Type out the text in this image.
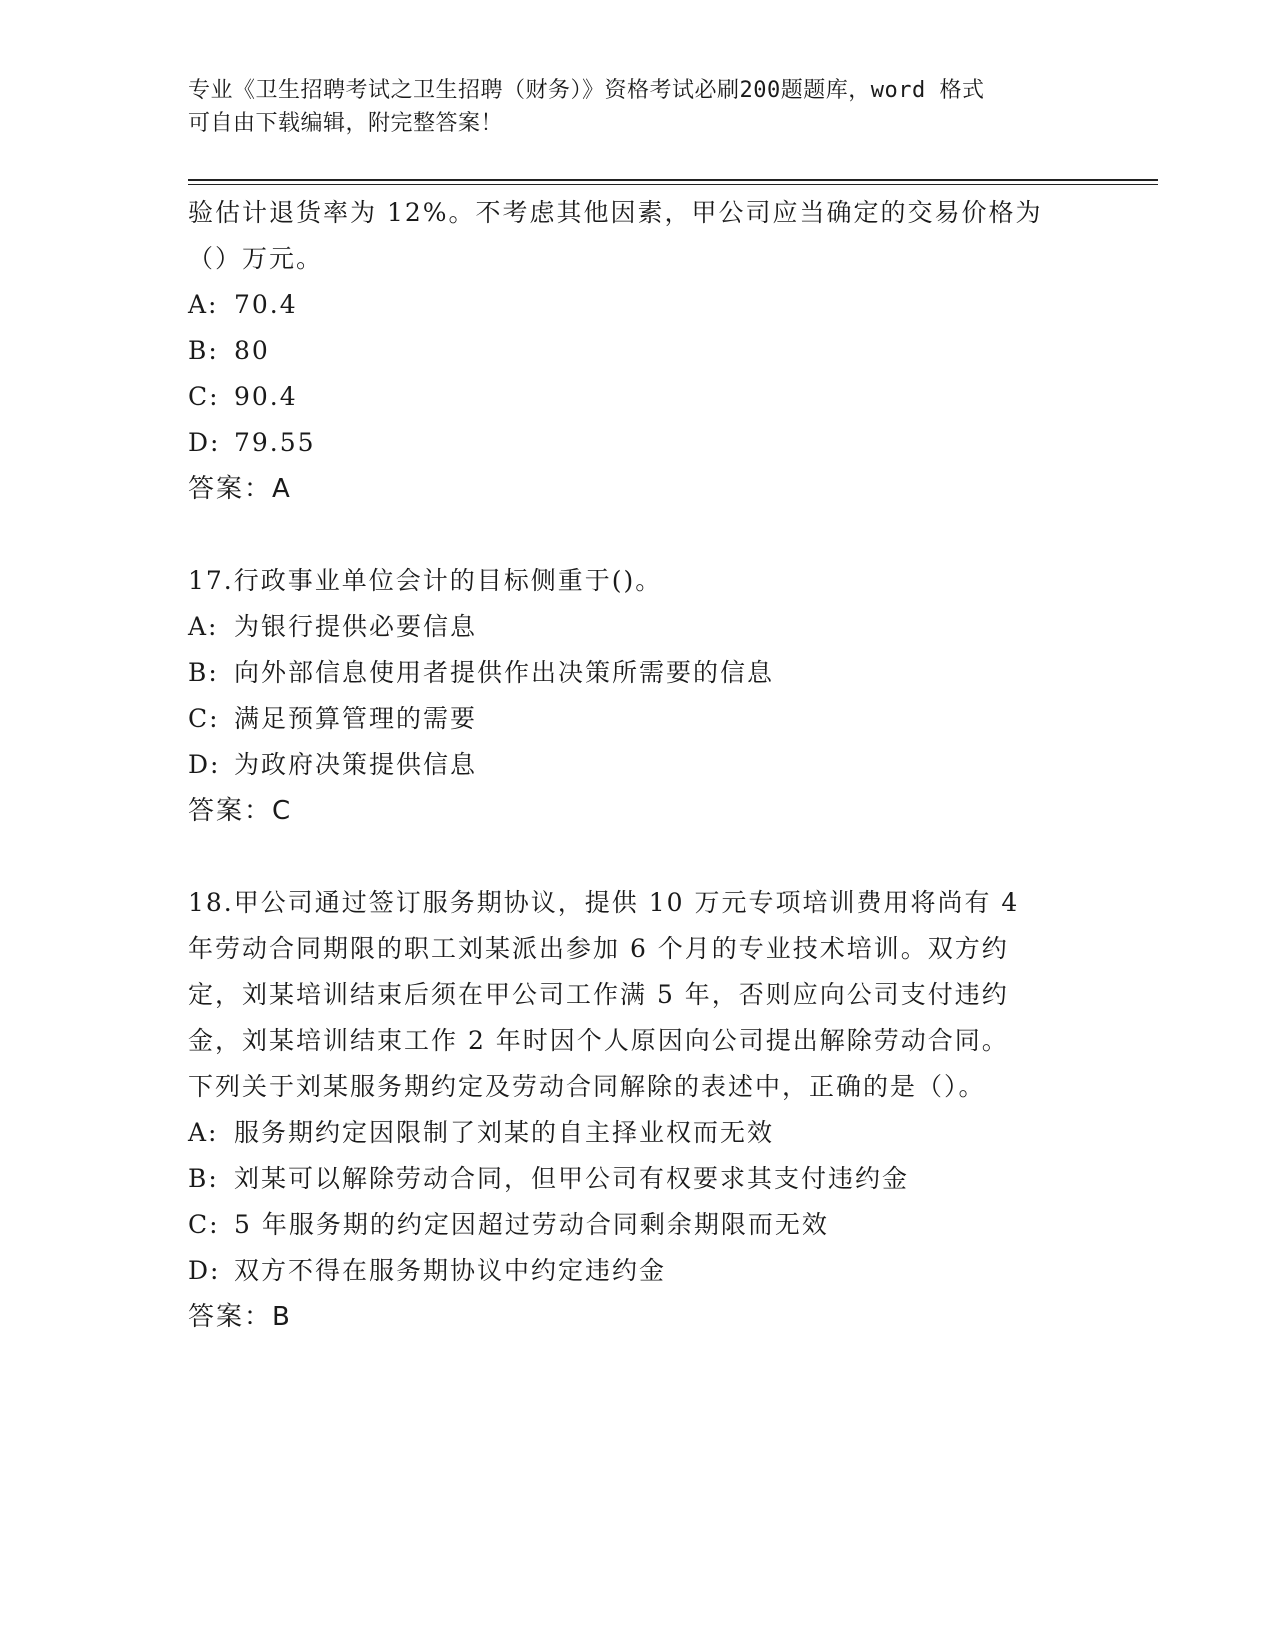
专业《卫生招聘考试之卫生招聘（财务）》资格考试必刷200题题库，word 格式
可自由下载编辑，附完整答案！
验估计退货率为 12%。不考虑其他因素，甲公司应当确定的交易价格为
（）万元。
A: 70.4
B: 80
C: 90.4
D: 79.55
答案：A
17.行政事业单位会计的目标侧重于()。
A: 为银行提供必要信息
B: 向外部信息使用者提供作出决策所需要的信息
C: 满足预算管理的需要
D: 为政府决策提供信息
答案：C
18.甲公司通过签订服务期协议，提供 10 万元专项培训费用将尚有 4
年劳动合同期限的职工刘某派出参加 6 个月的专业技术培训。双方约
定，刘某培训结束后须在甲公司工作满 5 年，否则应向公司支付违约
金，刘某培训结束工作 2 年时因个人原因向公司提出解除劳动合同。
下列关于刘某服务期约定及劳动合同解除的表述中，正确的是（）。
A: 服务期约定因限制了刘某的自主择业权而无效
B: 刘某可以解除劳动合同，但甲公司有权要求其支付违约金
C: 5 年服务期的约定因超过劳动合同剩余期限而无效
D: 双方不得在服务期协议中约定违约金
答案：B
